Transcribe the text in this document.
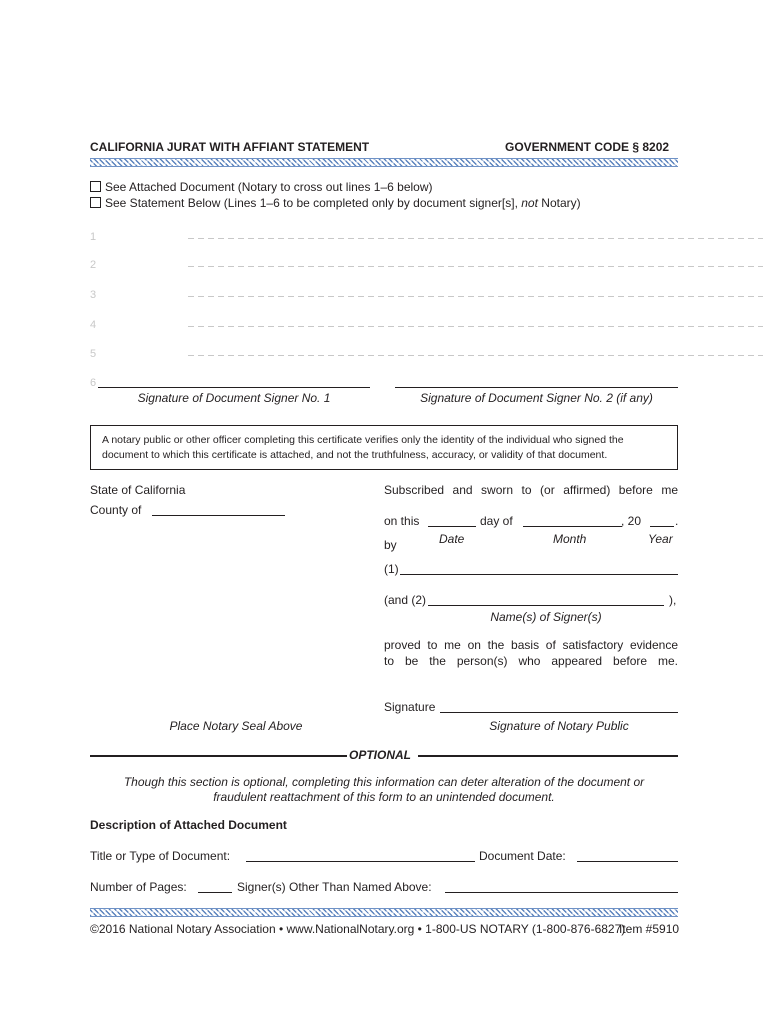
CALIFORNIA JURAT WITH AFFIANT STATEMENT	GOVERNMENT CODE § 8202
See Attached Document (Notary to cross out lines 1–6 below)
See Statement Below (Lines 1–6 to be completed only by document signer[s], not Notary)
1
2
3
4
5
6
Signature of Document Signer No. 1	Signature of Document Signer No. 2 (if any)
A notary public or other officer completing this certificate verifies only the identity of the individual who signed the document to which this certificate is attached, and not the truthfulness, accuracy, or validity of that document.
State of California
County of
Subscribed and sworn to (or affirmed) before me
on this	day of	, 20	.
Date	Month	Year
by
(1)
(and (2)	),
Name(s) of Signer(s)
proved to me on the basis of satisfactory evidence
to be the person(s) who appeared before me.
Signature
Signature of Notary Public
Place Notary Seal Above
OPTIONAL
Though this section is optional, completing this information can deter alteration of the document or
fraudulent reattachment of this form to an unintended document.
Description of Attached Document
Title or Type of Document:	Document Date:
Number of Pages:	Signer(s) Other Than Named Above:
©2016 National Notary Association • www.NationalNotary.org • 1-800-US NOTARY (1-800-876-6827)
Item #5910
